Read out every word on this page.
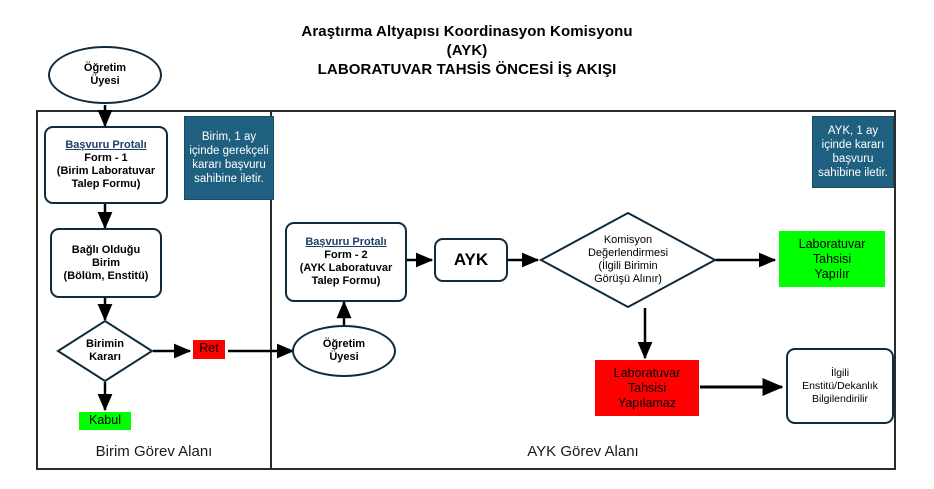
Araştırma Altyapısı Koordinasyon Komisyonu
(AYK)
LABORATUVAR TAHSİS ÖNCESİ İŞ AKIŞI
Birim Görev Alanı	AYK Görev Alanı
Öğretim
Üyesi
Başvuru Protalı
Form - 1
(Birim Laboratuvar
Talep Formu)
Birim, 1 ay içinde gerekçeli kararı başvuru sahibine iletir.
Bağlı Olduğu
Birim
(Bölüm, Enstitü)
Birimin
Kararı
Kabul
Ret
AYK, 1 ay içinde kararı başvuru sahibine iletir.
Başvuru Protalı
Form - 2
(AYK Laboratuvar
Talep Formu)
Öğretim
Üyesi
AYK
Komisyon
Değerlendirmesi
(İlgili Birimin
Görüşü Alınır)
Laboratuvar
Tahsisi
Yapılır
Laboratuvar
Tahsisi
Yapılamaz
İlgili
Enstitü/Dekanlık
Bilgilendirilir
